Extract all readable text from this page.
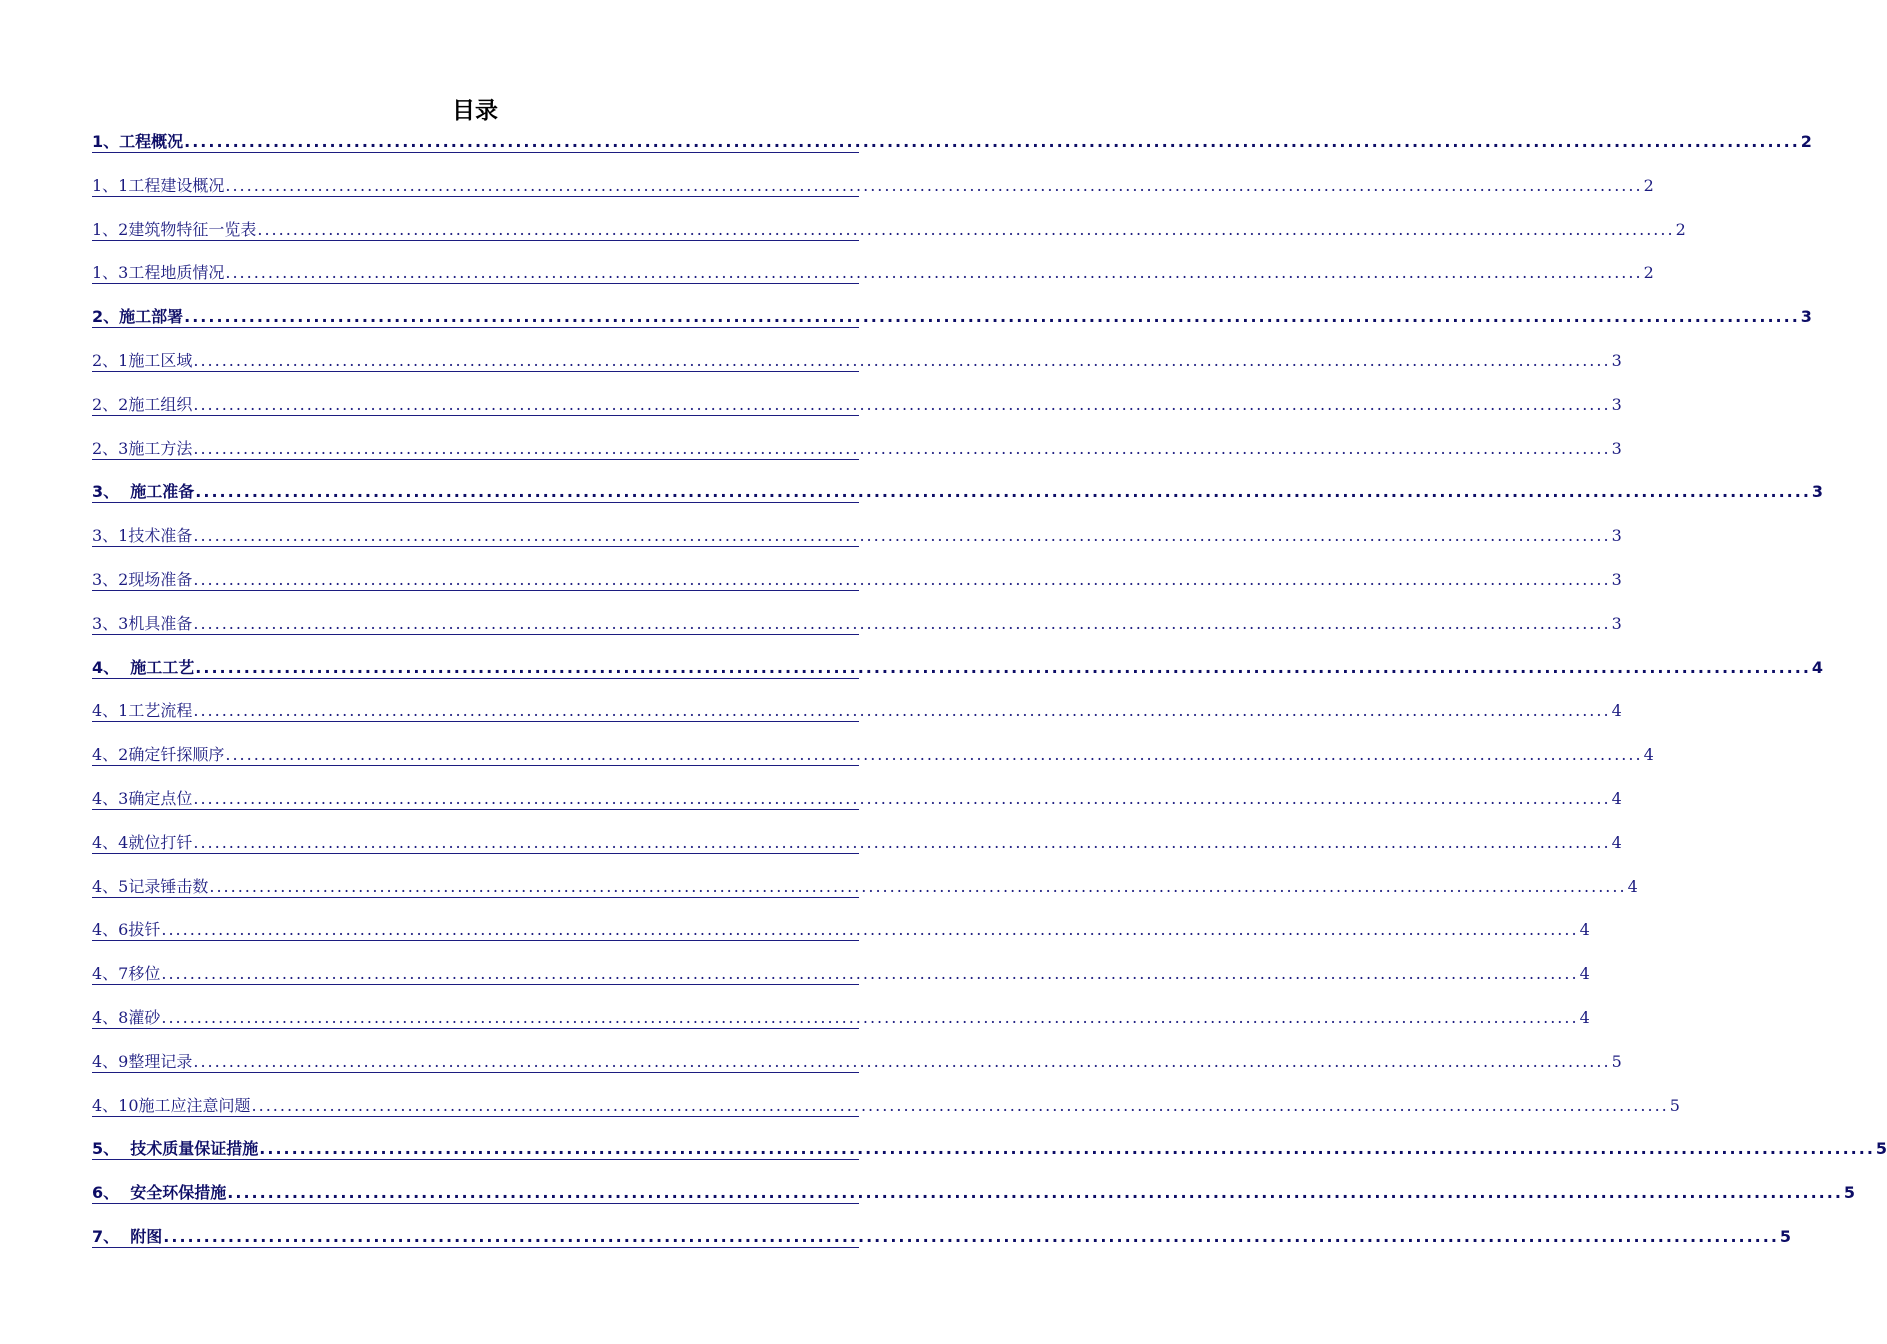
目录
1、工程概况 ........................................................................................................................................................................................................ 2
1、1工程建设概况 ........................................................................................................................................................................................................ 2
1、2建筑物特征一览表 ........................................................................................................................................................................................................ 2
1、3工程地质情况 ........................................................................................................................................................................................................ 2
2、施工部署 ........................................................................................................................................................................................................ 3
2、1施工区域 ........................................................................................................................................................................................................ 3
2、2施工组织 ........................................................................................................................................................................................................ 3
2、3施工方法 ........................................................................................................................................................................................................ 3
3、  施工准备 ........................................................................................................................................................................................................ 3
3、1技术准备 ........................................................................................................................................................................................................ 3
3、2现场准备 ........................................................................................................................................................................................................ 3
3、3机具准备 ........................................................................................................................................................................................................ 3
4、  施工工艺 ........................................................................................................................................................................................................ 4
4、1工艺流程 ........................................................................................................................................................................................................ 4
4、2确定钎探顺序 ........................................................................................................................................................................................................ 4
4、3确定点位 ........................................................................................................................................................................................................ 4
4、4就位打钎 ........................................................................................................................................................................................................ 4
4、5记录锤击数 ........................................................................................................................................................................................................ 4
4、6拔钎 ........................................................................................................................................................................................................ 4
4、7移位 ........................................................................................................................................................................................................ 4
4、8灌砂 ........................................................................................................................................................................................................ 4
4、9整理记录 ........................................................................................................................................................................................................ 5
4、10施工应注意问题 ........................................................................................................................................................................................................ 5
5、  技术质量保证措施 ........................................................................................................................................................................................................ 5
6、  安全环保措施 ........................................................................................................................................................................................................ 5
7、  附图 ........................................................................................................................................................................................................ 5
